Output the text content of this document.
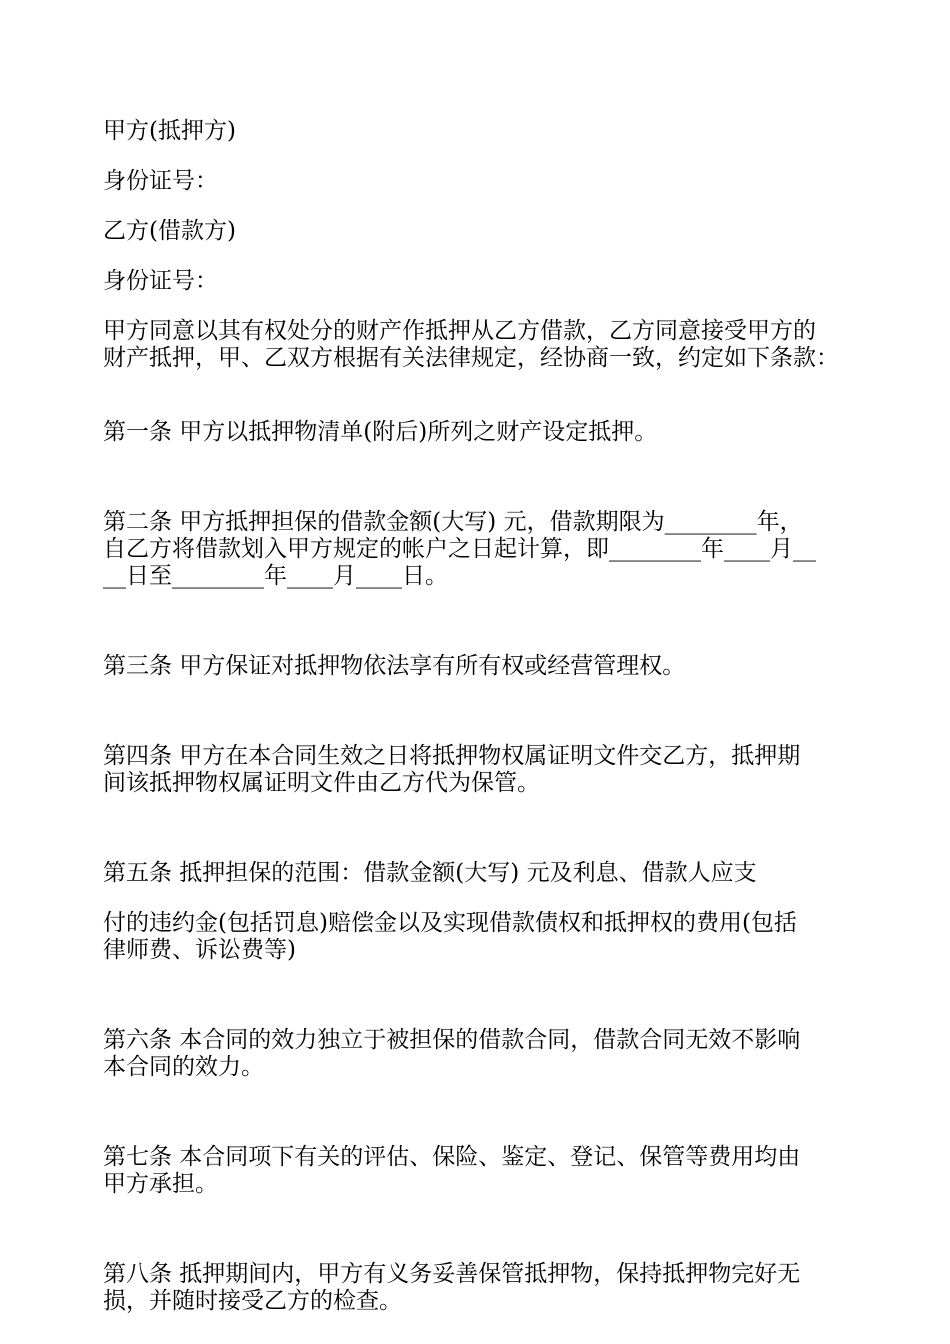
甲方(抵押方)
身份证号：
乙方(借款方)
身份证号：
甲方同意以其有权处分的财产作抵押从乙方借款，乙方同意接受甲方的
财产抵押，甲、乙双方根据有关法律规定，经协商一致，约定如下条款：
第一条 甲方以抵押物清单(附后)所列之财产设定抵押。
第二条 甲方抵押担保的借款金额(大写) 元，借款期限为________年，
自乙方将借款划入甲方规定的帐户之日起计算，即________年____月__
__日至________年____月____日。
第三条 甲方保证对抵押物依法享有所有权或经营管理权。
第四条 甲方在本合同生效之日将抵押物权属证明文件交乙方，抵押期
间该抵押物权属证明文件由乙方代为保管。
第五条 抵押担保的范围：借款金额(大写) 元及利息、借款人应支
付的违约金(包括罚息)赔偿金以及实现借款债权和抵押权的费用(包括
律师费、诉讼费等)
第六条 本合同的效力独立于被担保的借款合同，借款合同无效不影响
本合同的效力。
第七条 本合同项下有关的评估、保险、鉴定、登记、保管等费用均由
甲方承担。
第八条 抵押期间内，甲方有义务妥善保管抵押物，保持抵押物完好无
损，并随时接受乙方的检查。
